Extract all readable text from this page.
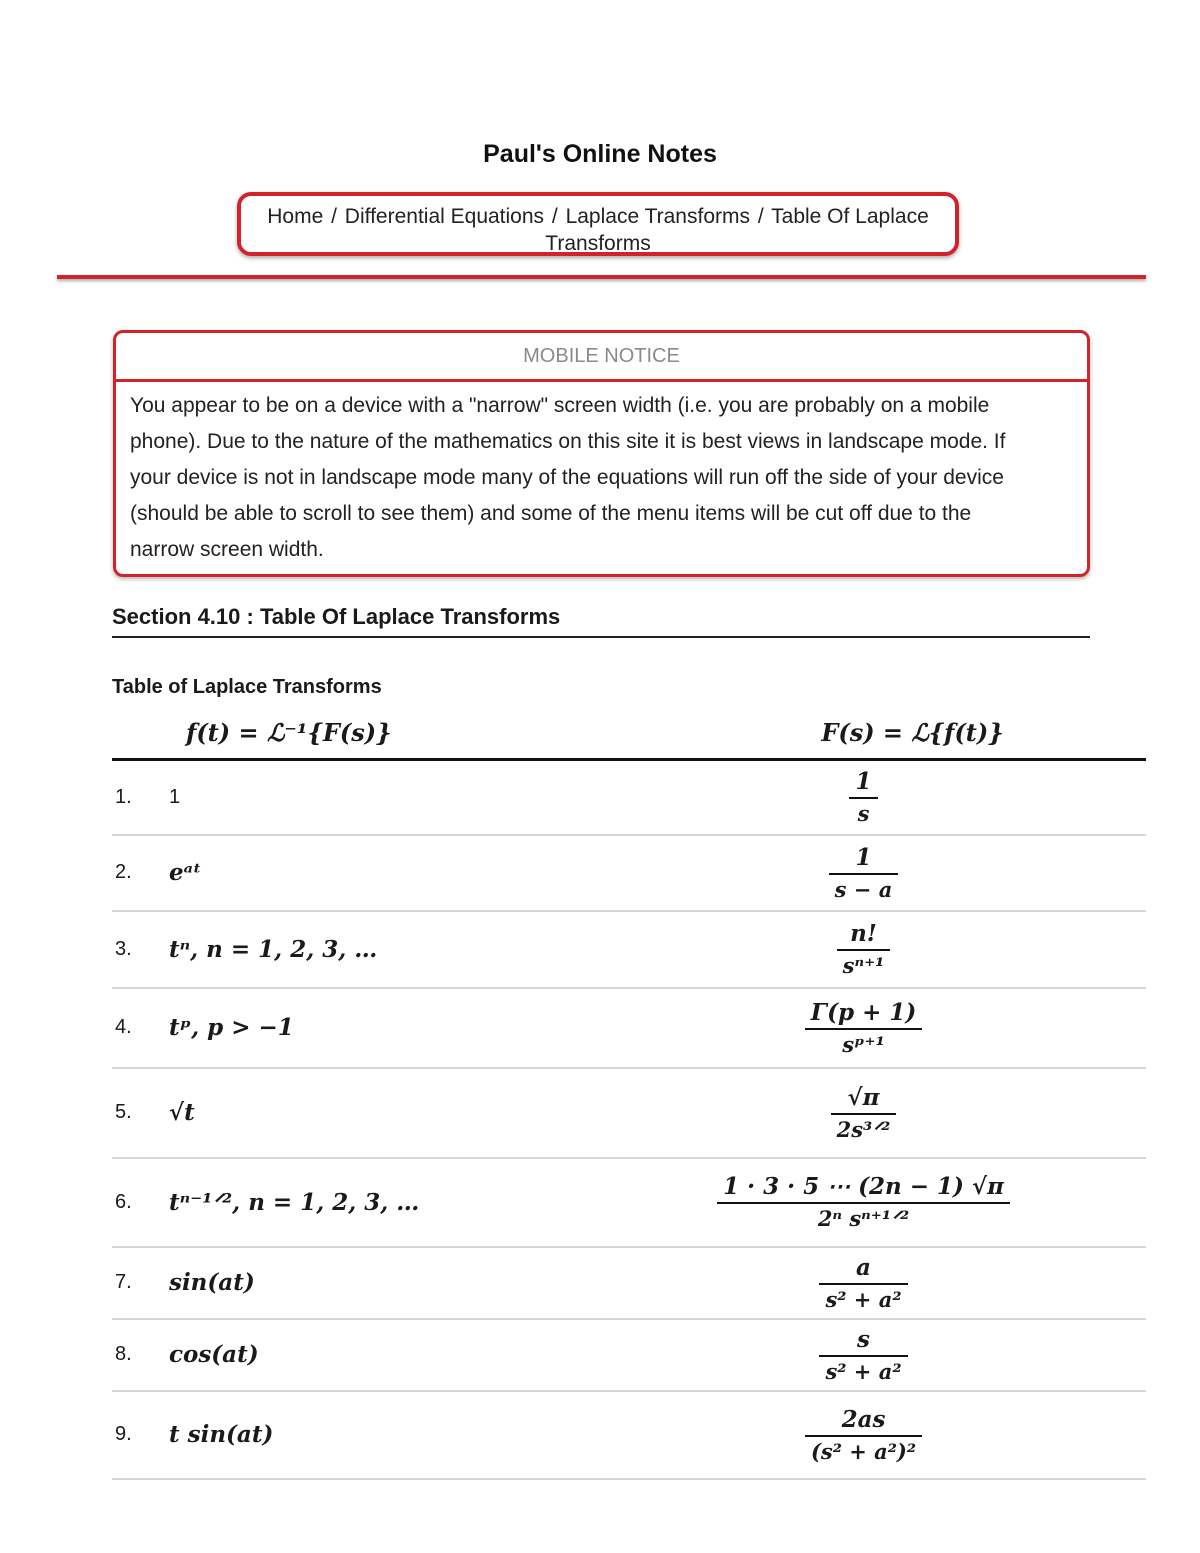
Paul's Online Notes
Home / Differential Equations / Laplace Transforms / Table Of Laplace Transforms
MOBILE NOTICE
You appear to be on a device with a "narrow" screen width (i.e. you are probably on a mobile
phone). Due to the nature of the mathematics on this site it is best views in landscape mode. If
your device is not in landscape mode many of the equations will run off the side of your device
(should be able to scroll to see them) and some of the menu items will be cut off due to the
narrow screen width.
Section 4.10 : Table Of Laplace Transforms
Table of Laplace Transforms
f(t) = ℒ⁻¹{F(s)}		F(s) = ℒ{f(t)}
1.	1	$\frac{1}{s}$

2.	eᵃᵗ	$\frac{1}{s - a}$

3.	tⁿ, n = 1, 2, 3, …	$\frac{n!}{\text{sⁿ⁺¹}}$

4.	tᵖ, p > −1	$\frac{\Gamma(p + 1)}{\text{sᵖ⁺¹}}$

5.	√t	$\frac{√\pi}{\text{2s³ᐟ²}}$

6.	tⁿ⁻¹ᐟ², n = 1, 2, 3, …	$\frac{1 \cdot 3 \cdot 5 \cdots (2n - 1) √\pi}{\text{2ⁿ sⁿ⁺¹ᐟ²}}$

7.	sin(at)	$\frac{a}{\text{s² + a²}}$

8.	cos(at)	$\frac{s}{\text{s² + a²}}$

9.	t sin(at)	$\frac{2as}{\text{(s² + a²)²}}$
